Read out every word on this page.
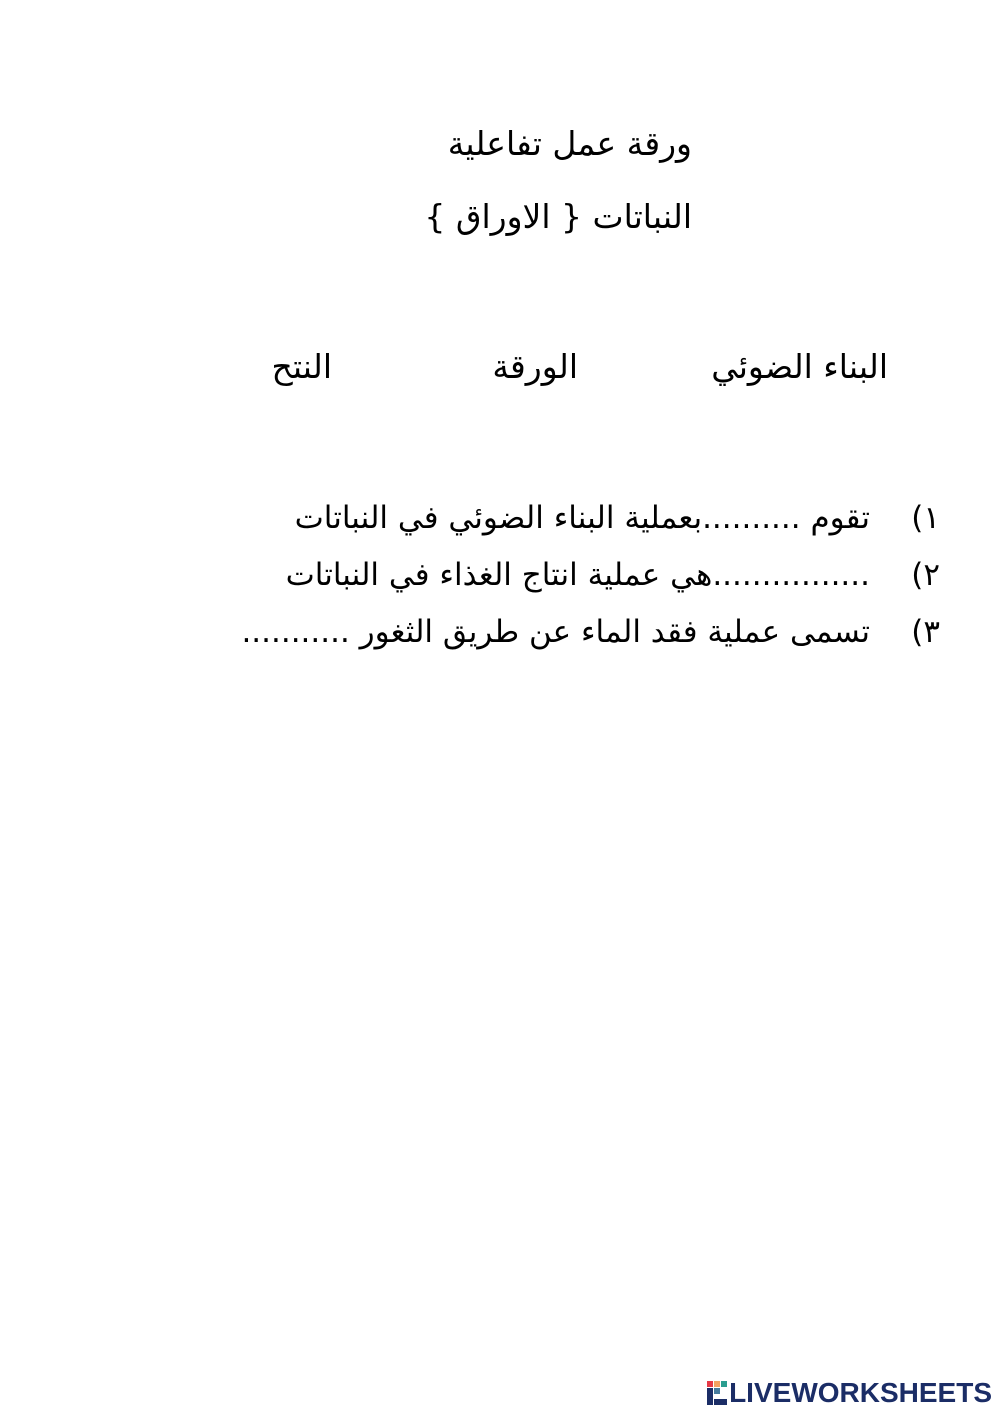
ورقة عمل تفاعلية
النباتات { الاوراق }
البناء الضوئي
الورقة
النتح
١)تقوم ..........بعملية البناء الضوئي في النباتات
٢)................هي عملية انتاج الغذاء في النباتات
٣)تسمى عملية فقد الماء عن طريق الثغور ...........
LIVEWORKSHEETS
